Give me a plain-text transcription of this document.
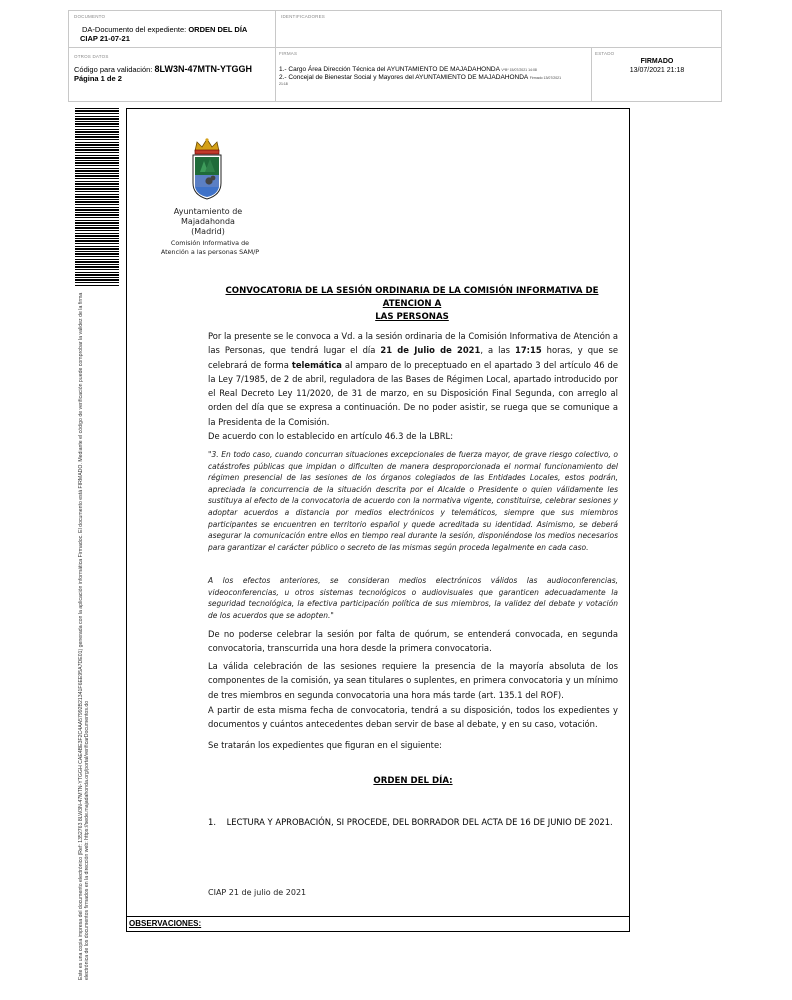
DOCUMENTO
DA-Documento del expediente: ORDEN DEL DÍA
CIAP 21-07-21
IDENTIFICADORES
OTROS DATOS
Código para validación: 8LW3N-47MTN-YTGGH
Página 1 de 2
FIRMAS
1.- Cargo Área Dirección Técnica del AYUNTAMIENTO DE MAJADAHONDA VºBº 15/07/2021 14:08
2.- Concejal de Bienestar Social y Mayores del AYUNTAMIENTO DE MAJADAHONDA Firmado 13/07/2021
21:18
ESTADO
FIRMADO
13/07/2021 21:18
Este es una copia impresa del documento electrónico (Ref: 1352763 8LW3N-47MTN-YTGGH CAE4BE3F2C4AA57992B21341F6EE95A7DE01) generada con la aplicación informática Firmadoc. El documento está FIRMADO. Mediante el código de verificación puede comprobar la validez de la firma electrónica de los documentos firmados en la dirección web: https://sede.majadahonda.org/portal/verificarDocumentos.do
Ayuntamiento de
Majadahonda
(Madrid)
Comisión Informativa de
Atención a las personas SAM/P
CONVOCATORIA DE LA SESIÓN ORDINARIA DE LA COMISIÓN INFORMATIVA DE ATENCION A
LAS PERSONAS
Por la presente se le convoca a Vd. a la sesión ordinaria de la Comisión Informativa de Atención a las Personas, que tendrá lugar el día 21 de Julio de 2021, a las 17:15 horas, y que se celebrará de forma telemática al amparo de lo preceptuado en el apartado 3 del artículo 46 de la Ley 7/1985, de 2 de abril, reguladora de las Bases de Régimen Local, apartado introducido por el Real Decreto Ley 11/2020, de 31 de marzo, en su Disposición Final Segunda, con arreglo al orden del día que se expresa a continuación. De no poder asistir, se ruega que se comunique a la Presidenta de la Comisión.
De acuerdo con lo establecido en artículo 46.3 de la LBRL:
"3. En todo caso, cuando concurran situaciones excepcionales de fuerza mayor, de grave riesgo colectivo, o catástrofes públicas que impidan o dificulten de manera desproporcionada el normal funcionamiento del régimen presencial de las sesiones de los órganos colegiados de las Entidades Locales, estos podrán, apreciada la concurrencia de la situación descrita por el Alcalde o Presidente o quien válidamente les sustituya al efecto de la convocatoria de acuerdo con la normativa vigente, constituirse, celebrar sesiones y adoptar acuerdos a distancia por medios electrónicos y telemáticos, siempre que sus miembros participantes se encuentren en territorio español y quede acreditada su identidad. Asimismo, se deberá asegurar la comunicación entre ellos en tiempo real durante la sesión, disponiéndose los medios necesarios para garantizar el carácter público o secreto de las mismas según proceda legalmente en cada caso.
A los efectos anteriores, se consideran medios electrónicos válidos las audioconferencias, videoconferencias, u otros sistemas tecnológicos o audiovisuales que garanticen adecuadamente la seguridad tecnológica, la efectiva participación política de sus miembros, la validez del debate y votación de los acuerdos que se adopten."
De no poderse celebrar la sesión por falta de quórum, se entenderá convocada, en segunda convocatoria, transcurrida una hora desde la primera convocatoria.
La válida celebración de las sesiones requiere la presencia de la mayoría absoluta de los componentes de la comisión, ya sean titulares o suplentes, en primera convocatoria y un mínimo de tres miembros en segunda convocatoria una hora más tarde (art. 135.1 del ROF).
A partir de esta misma fecha de convocatoria, tendrá a su disposición, todos los expedientes y documentos y cuántos antecedentes deban servir de base al debate, y en su caso, votación.
Se tratarán los expedientes que figuran en el siguiente:
ORDEN DEL DÍA:
1.    LECTURA Y APROBACIÓN, SI PROCEDE, DEL BORRADOR DEL ACTA DE 16 DE JUNIO DE 2021.
CIAP 21 de julio de 2021
OBSERVACIONES:
